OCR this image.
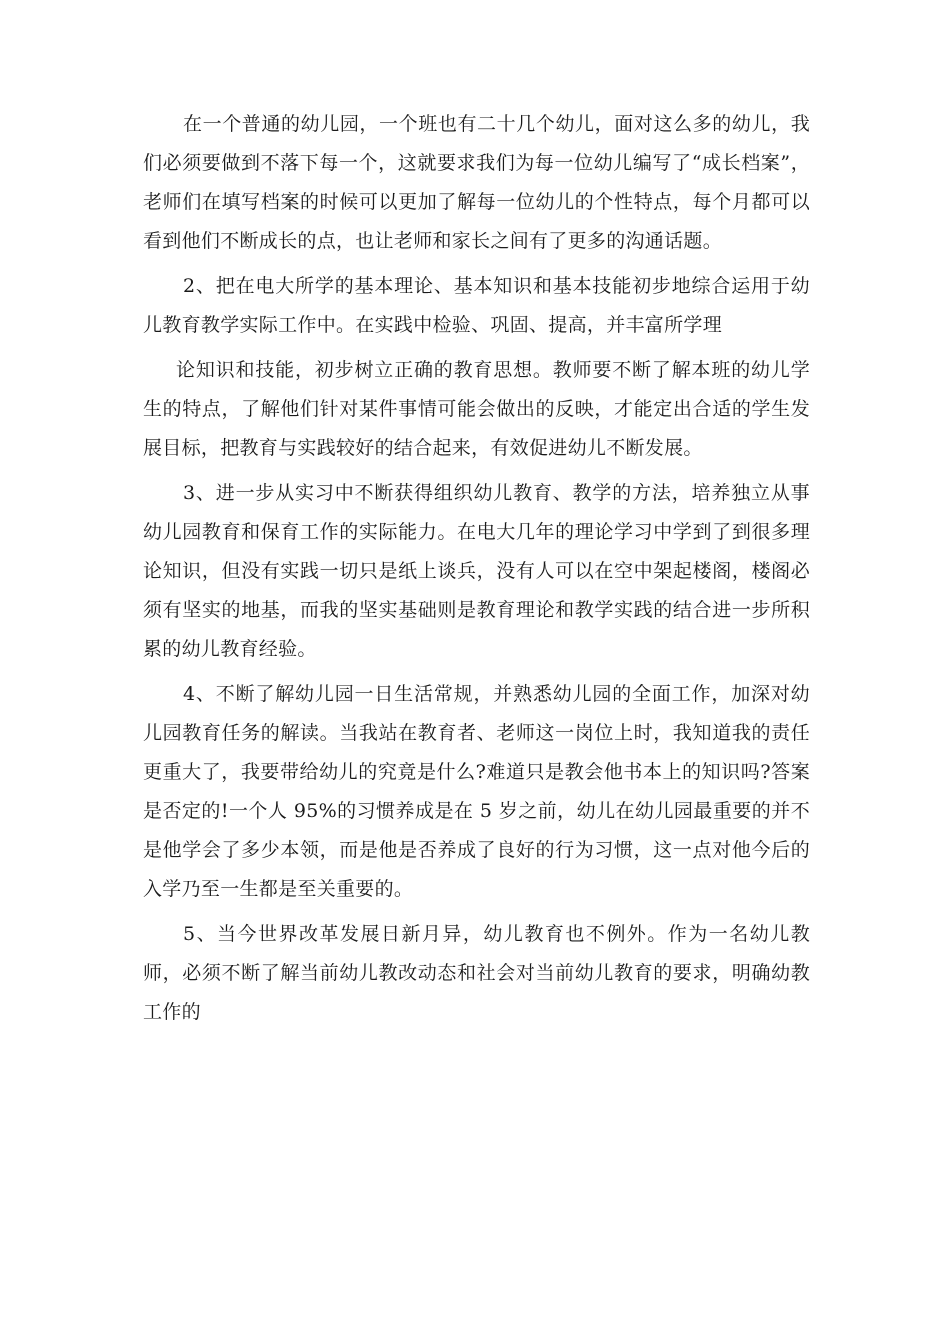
在一个普通的幼儿园，一个班也有二十几个幼儿，面对这么多的幼儿，我们必须要做到不落下每一个，这就要求我们为每一位幼儿编写了“成长档案”，老师们在填写档案的时候可以更加了解每一位幼儿的个性特点，每个月都可以看到他们不断成长的点，也让老师和家长之间有了更多的沟通话题。

2、把在电大所学的基本理论、基本知识和基本技能初步地综合运用于幼儿教育教学实际工作中。在实践中检验、巩固、提高，并丰富所学理

论知识和技能，初步树立正确的教育思想。教师要不断了解本班的幼儿学生的特点，了解他们针对某件事情可能会做出的反映，才能定出合适的学生发展目标，把教育与实践较好的结合起来，有效促进幼儿不断发展。

3、进一步从实习中不断获得组织幼儿教育、教学的方法，培养独立从事幼儿园教育和保育工作的实际能力。在电大几年的理论学习中学到了到很多理论知识，但没有实践一切只是纸上谈兵，没有人可以在空中架起楼阁，楼阁必须有坚实的地基，而我的坚实基础则是教育理论和教学实践的结合进一步所积累的幼儿教育经验。

4、不断了解幼儿园一日生活常规，并熟悉幼儿园的全面工作，加深对幼儿园教育任务的解读。当我站在教育者、老师这一岗位上时，我知道我的责任更重大了，我要带给幼儿的究竟是什么?难道只是教会他书本上的知识吗?答案是否定的!一个人 95%的习惯养成是在 5 岁之前，幼儿在幼儿园最重要的并不是他学会了多少本领，而是他是否养成了良好的行为习惯，这一点对他今后的入学乃至一生都是至关重要的。

5、当今世界改革发展日新月异，幼儿教育也不例外。作为一名幼儿教师，必须不断了解当前幼儿教改动态和社会对当前幼儿教育的要求，明确幼教工作的
